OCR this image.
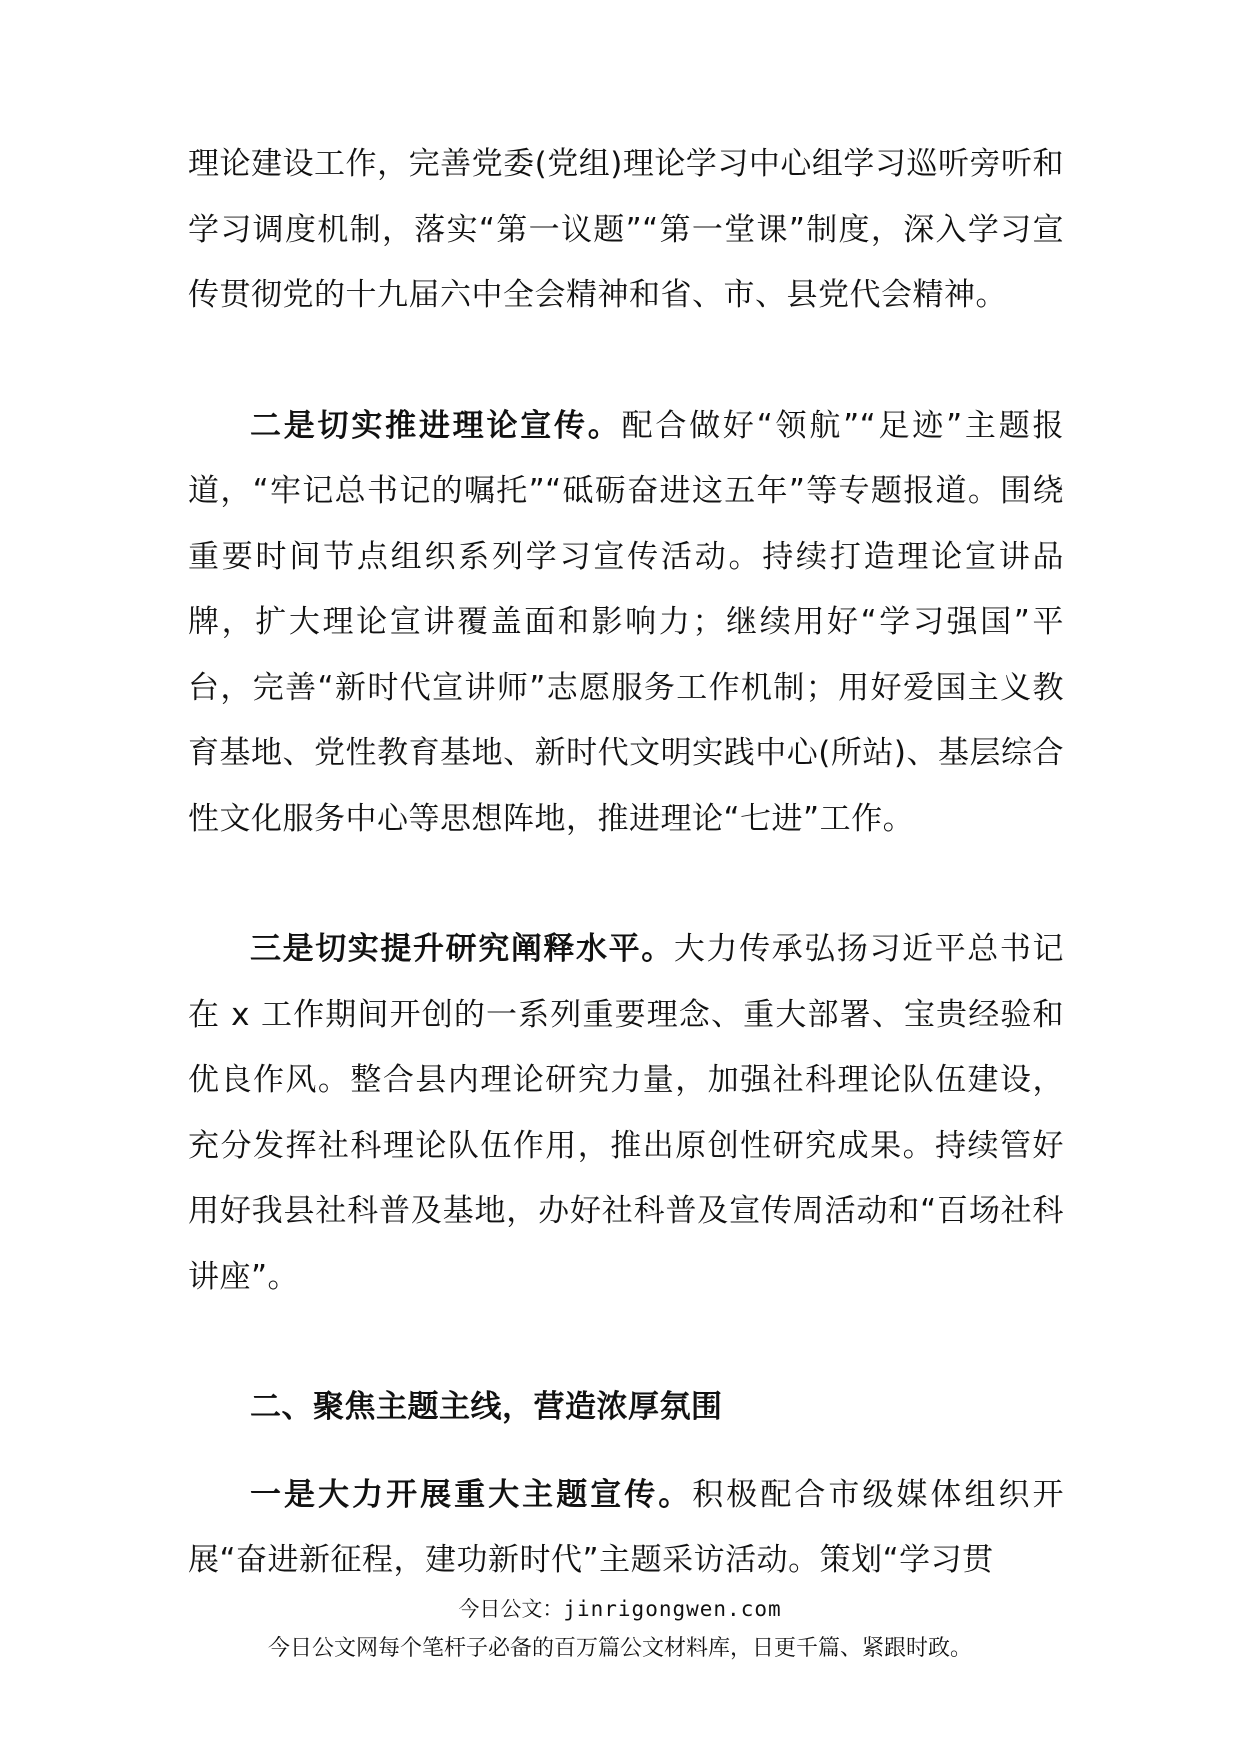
理论建设工作，完善党委(党组)理论学习中心组学习巡听旁听和学习调度机制，落实“第一议题”“第一堂课”制度，深入学习宣传贯彻党的十九届六中全会精神和省、市、县党代会精神。

二是切实推进理论宣传。配合做好“领航”“足迹”主题报道，“牢记总书记的嘱托”“砥砺奋进这五年”等专题报道。围绕重要时间节点组织系列学习宣传活动。持续打造理论宣讲品牌，扩大理论宣讲覆盖面和影响力；继续用好“学习强国”平台，完善“新时代宣讲师”志愿服务工作机制；用好爱国主义教育基地、党性教育基地、新时代文明实践中心(所站)、基层综合性文化服务中心等思想阵地，推进理论“七进”工作。

三是切实提升研究阐释水平。大力传承弘扬习近平总书记在 x 工作期间开创的一系列重要理念、重大部署、宝贵经验和优良作风。整合县内理论研究力量，加强社科理论队伍建设，充分发挥社科理论队伍作用，推出原创性研究成果。持续管好用好我县社科普及基地，办好社科普及宣传周活动和“百场社科讲座”。

二、聚焦主题主线，营造浓厚氛围

一是大力开展重大主题宣传。积极配合市级媒体组织开展“奋进新征程，建功新时代”主题采访活动。策划“学习贯

今日公文：jinrigongwen.com
今日公文网每个笔杆子必备的百万篇公文材料库，日更千篇、紧跟时政。
